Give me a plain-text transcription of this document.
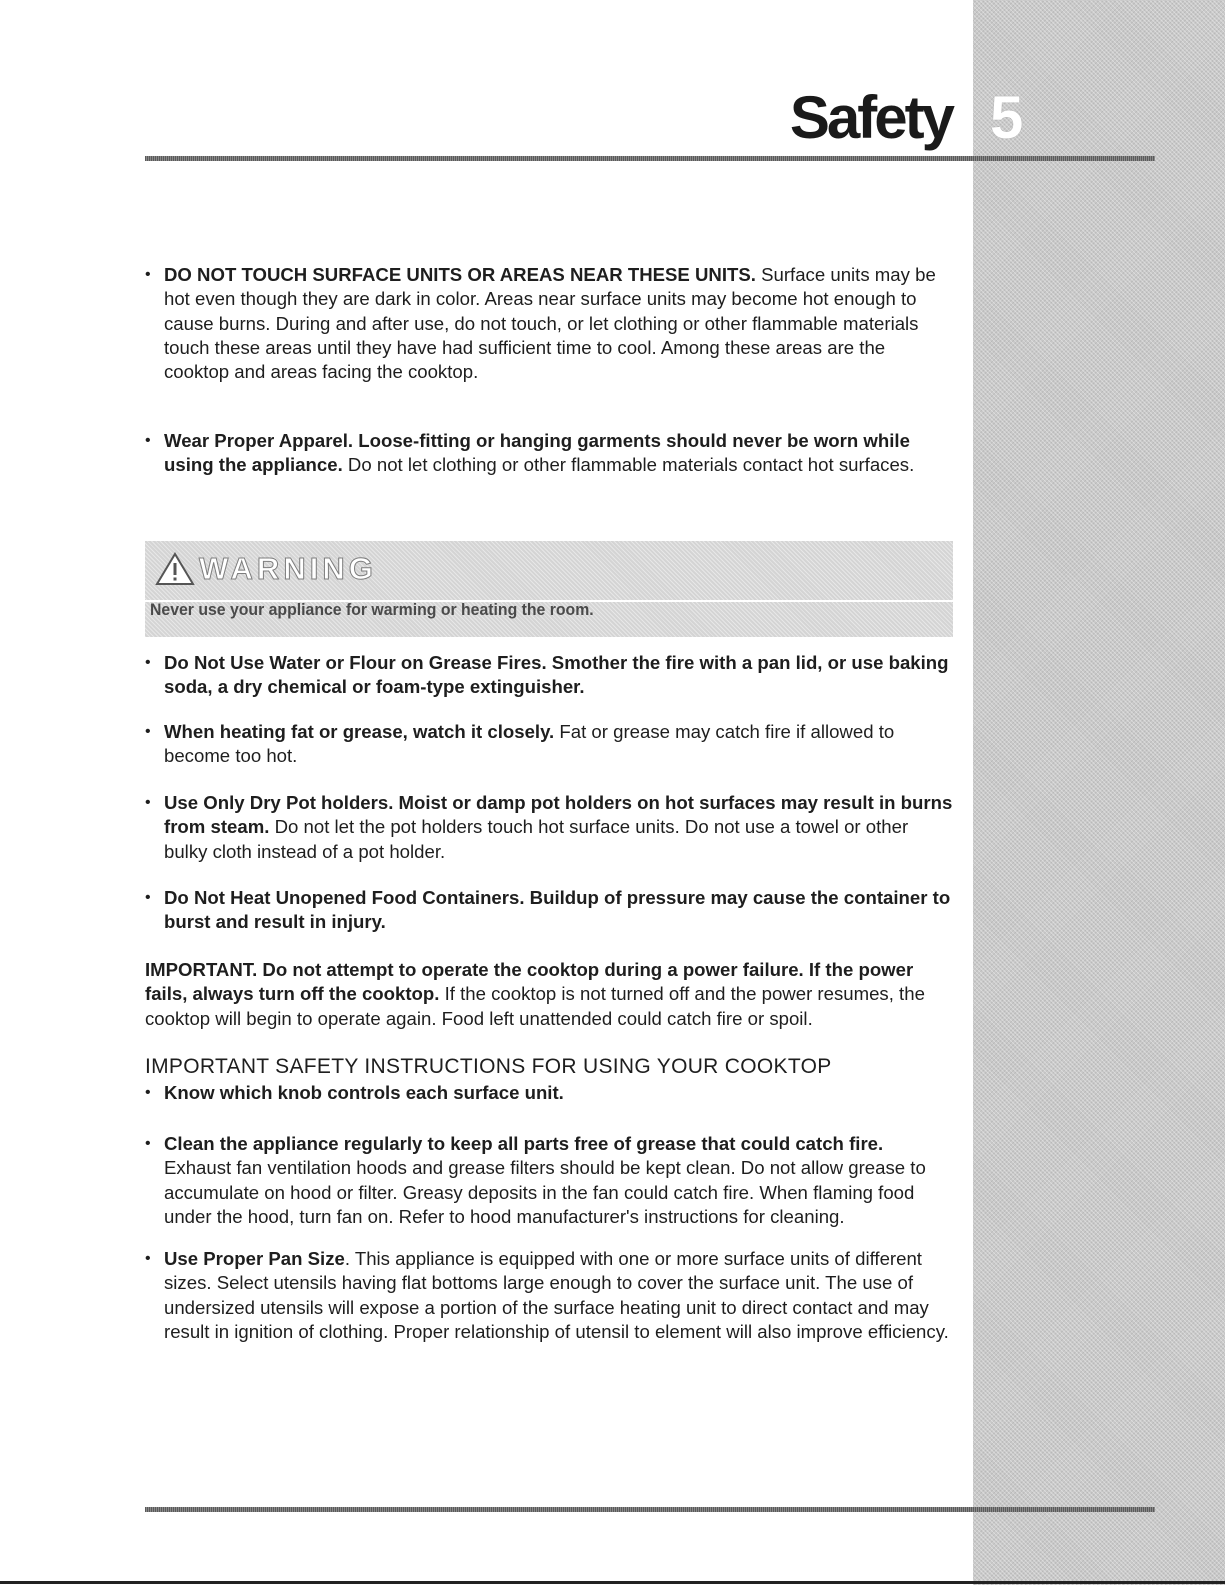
Safety 5
• DO NOT TOUCH SURFACE UNITS OR AREAS NEAR THESE UNITS. Surface units may be hot even though they are dark in color. Areas near surface units may become hot enough to cause burns. During and after use, do not touch, or let clothing or other flammable materials touch these areas until they have had sufficient time to cool. Among these areas are the cooktop and areas facing the cooktop.
• Wear Proper Apparel. Loose-fitting or hanging garments should never be worn while using the appliance. Do not let clothing or other flammable materials contact hot surfaces.
• Do Not Use Water or Flour on Grease Fires. Smother the fire with a pan lid, or use baking soda, a dry chemical or foam-type extinguisher.
• When heating fat or grease, watch it closely. Fat or grease may catch fire if allowed to become too hot.
• Use Only Dry Pot holders. Moist or damp pot holders on hot surfaces may result in burns from steam. Do not let the pot holders touch hot surface units. Do not use a towel or other bulky cloth instead of a pot holder.
• Do Not Heat Unopened Food Containers. Buildup of pressure may cause the container to burst and result in injury.
IMPORTANT. Do not attempt to operate the cooktop during a power failure. If the power fails, always turn off the cooktop. If the cooktop is not turned off and the power resumes, the cooktop will begin to operate again. Food left unattended could catch fire or spoil.
IMPORTANT SAFETY INSTRUCTIONS FOR USING YOUR COOKTOP
• Know which knob controls each surface unit.
• Clean the appliance regularly to keep all parts free of grease that could catch fire. Exhaust fan ventilation hoods and grease filters should be kept clean. Do not allow grease to accumulate on hood or filter. Greasy deposits in the fan could catch fire. When flaming food under the hood, turn fan on. Refer to hood manufacturer's instructions for cleaning.
• Use Proper Pan Size. This appliance is equipped with one or more surface units of different sizes. Select utensils having flat bottoms large enough to cover the surface unit. The use of undersized utensils will expose a portion of the surface heating unit to direct contact and may result in ignition of clothing. Proper relationship of utensil to element will also improve efficiency.
WARNING
Never use your appliance for warming or heating the room.
